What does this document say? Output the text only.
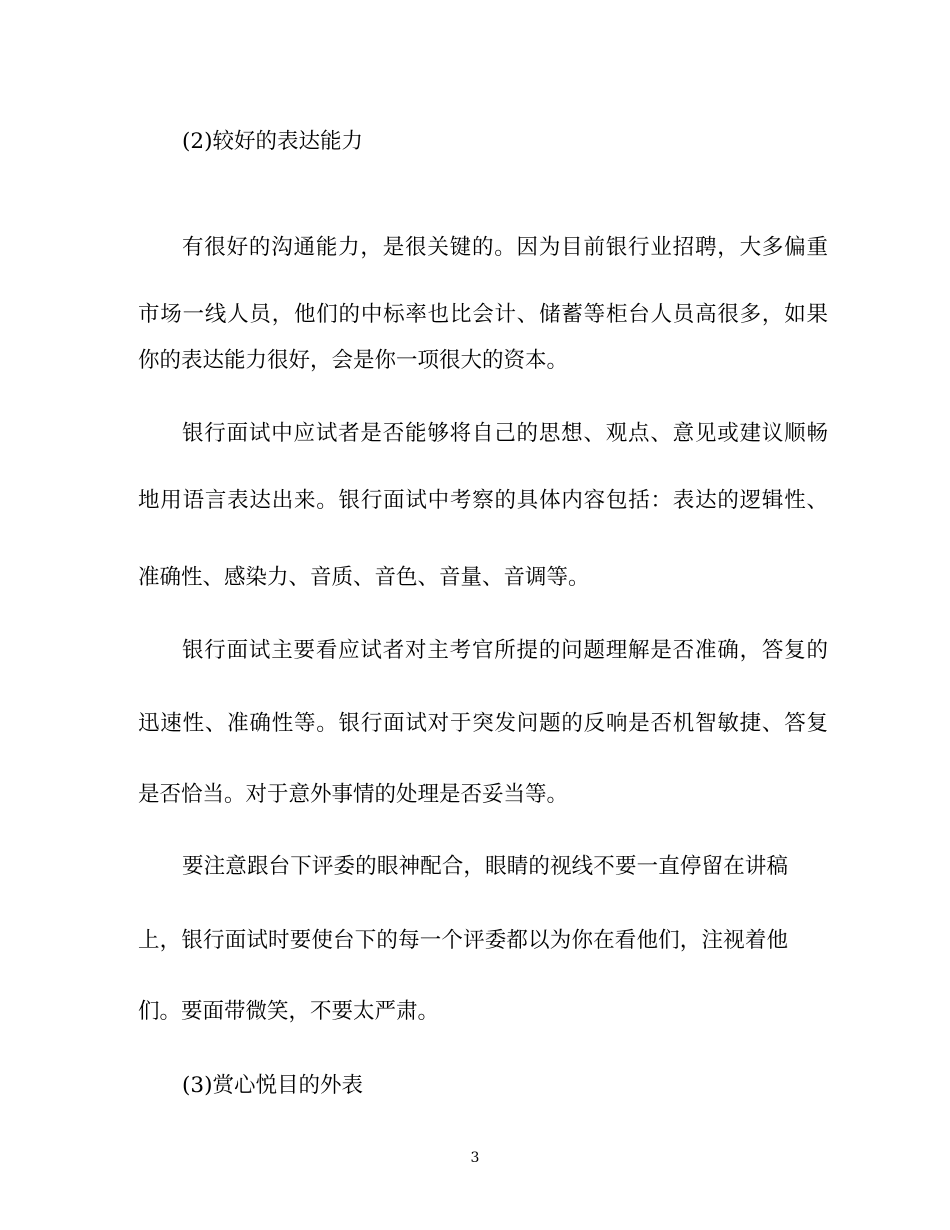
(2)较好的表达能力
有很好的沟通能力，是很关键的。因为目前银行业招聘，大多偏重
市场一线人员，他们的中标率也比会计、储蓄等柜台人员高很多，如果
你的表达能力很好，会是你一项很大的资本。
银行面试中应试者是否能够将自己的思想、观点、意见或建议顺畅
地用语言表达出来。银行面试中考察的具体内容包括：表达的逻辑性、
准确性、感染力、音质、音色、音量、音调等。
银行面试主要看应试者对主考官所提的问题理解是否准确，答复的
迅速性、准确性等。银行面试对于突发问题的反响是否机智敏捷、答复
是否恰当。对于意外事情的处理是否妥当等。
要注意跟台下评委的眼神配合，眼睛的视线不要一直停留在讲稿
上，银行面试时要使台下的每一个评委都以为你在看他们，注视着他
们。要面带微笑，不要太严肃。
(3)赏心悦目的外表
3
